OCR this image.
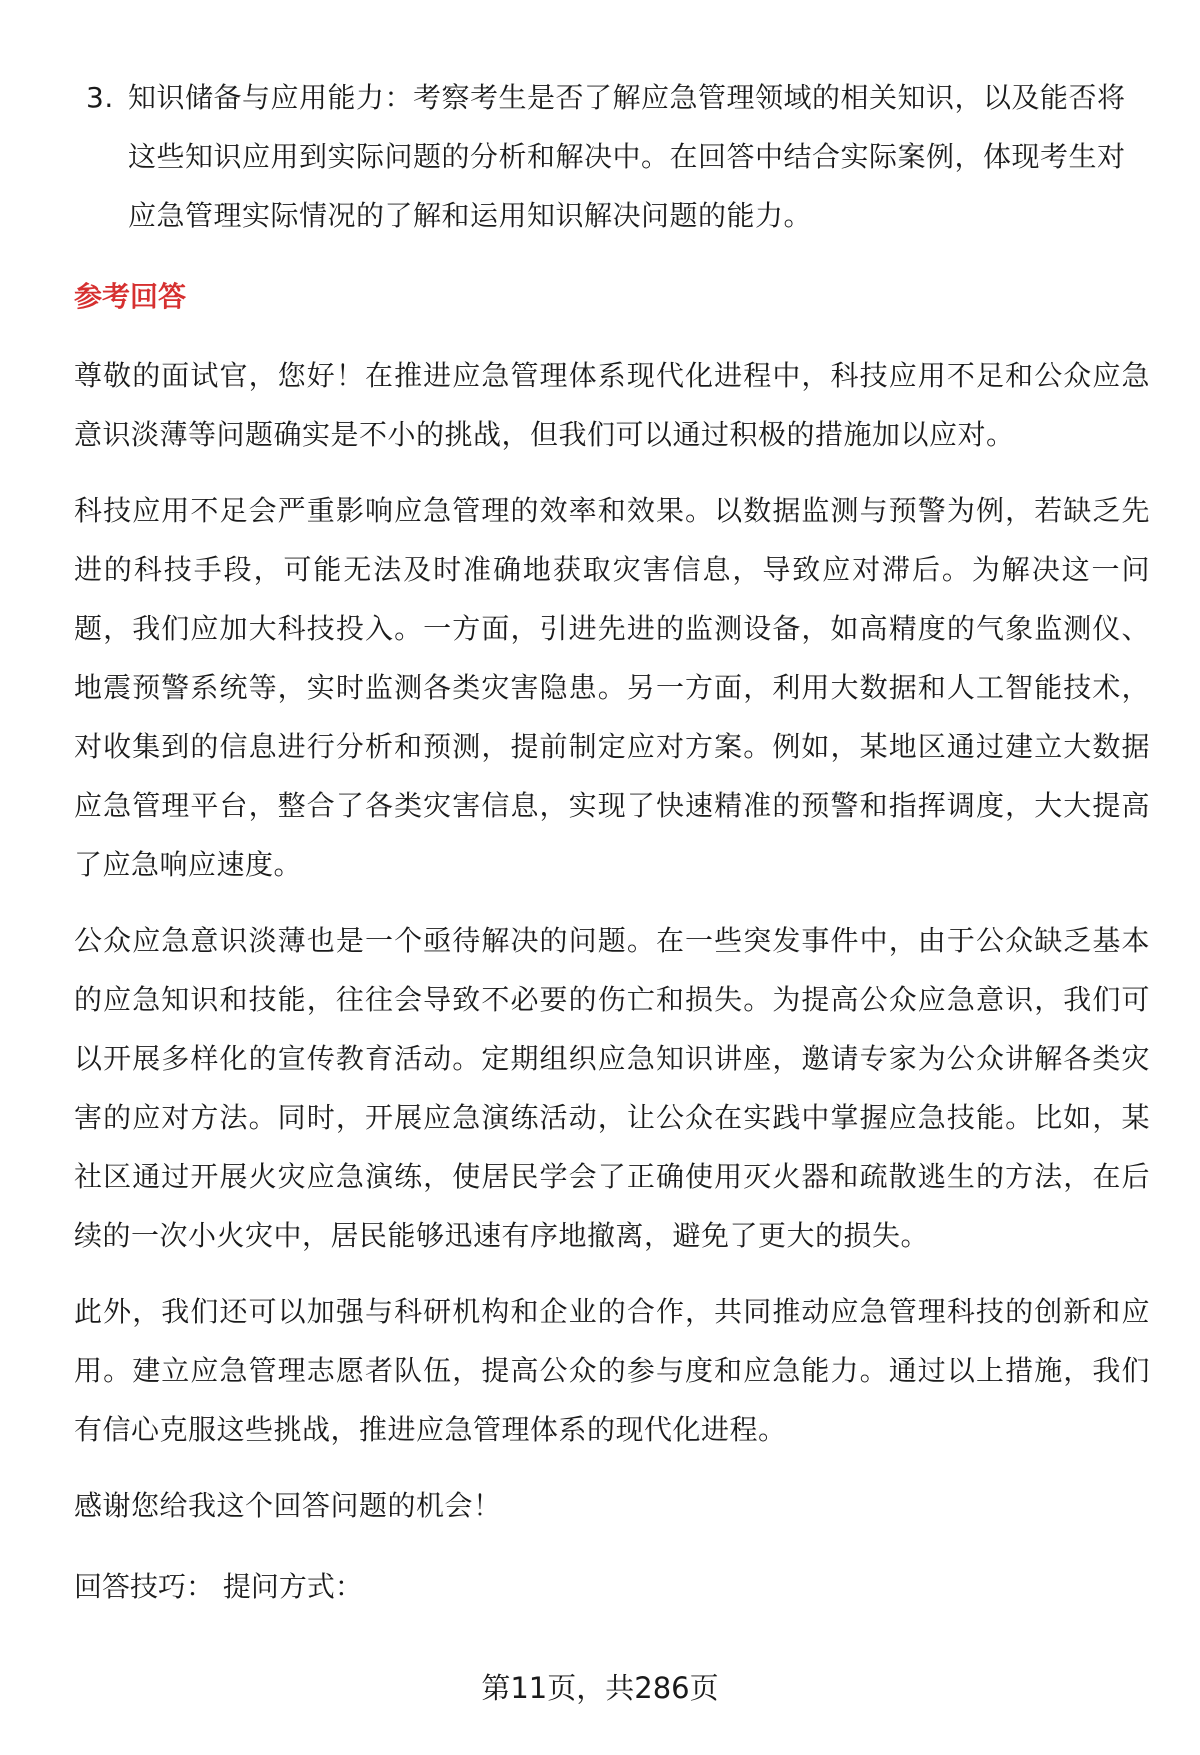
3. 知识储备与应用能力：考察考生是否了解应急管理领域的相关知识，以及能否将这些知识应用到实际问题的分析和解决中。在回答中结合实际案例，体现考生对应急管理实际情况的了解和运用知识解决问题的能力。
参考回答
尊敬的面试官，您好！在推进应急管理体系现代化进程中，科技应用不足和公众应急意识淡薄等问题确实是不小的挑战，但我们可以通过积极的措施加以应对。
科技应用不足会严重影响应急管理的效率和效果。以数据监测与预警为例，若缺乏先进的科技手段，可能无法及时准确地获取灾害信息，导致应对滞后。为解决这一问题，我们应加大科技投入。一方面，引进先进的监测设备，如高精度的气象监测仪、地震预警系统等，实时监测各类灾害隐患。另一方面，利用大数据和人工智能技术，对收集到的信息进行分析和预测，提前制定应对方案。例如，某地区通过建立大数据应急管理平台，整合了各类灾害信息，实现了快速精准的预警和指挥调度，大大提高了应急响应速度。
公众应急意识淡薄也是一个亟待解决的问题。在一些突发事件中，由于公众缺乏基本的应急知识和技能，往往会导致不必要的伤亡和损失。为提高公众应急意识，我们可以开展多样化的宣传教育活动。定期组织应急知识讲座，邀请专家为公众讲解各类灾害的应对方法。同时，开展应急演练活动，让公众在实践中掌握应急技能。比如，某社区通过开展火灾应急演练，使居民学会了正确使用灭火器和疏散逃生的方法，在后续的一次小火灾中，居民能够迅速有序地撤离，避免了更大的损失。
此外，我们还可以加强与科研机构和企业的合作，共同推动应急管理科技的创新和应用。建立应急管理志愿者队伍，提高公众的参与度和应急能力。通过以上措施，我们有信心克服这些挑战，推进应急管理体系的现代化进程。
感谢您给我这个回答问题的机会！
回答技巧： 提问方式：
第11页，共286页
